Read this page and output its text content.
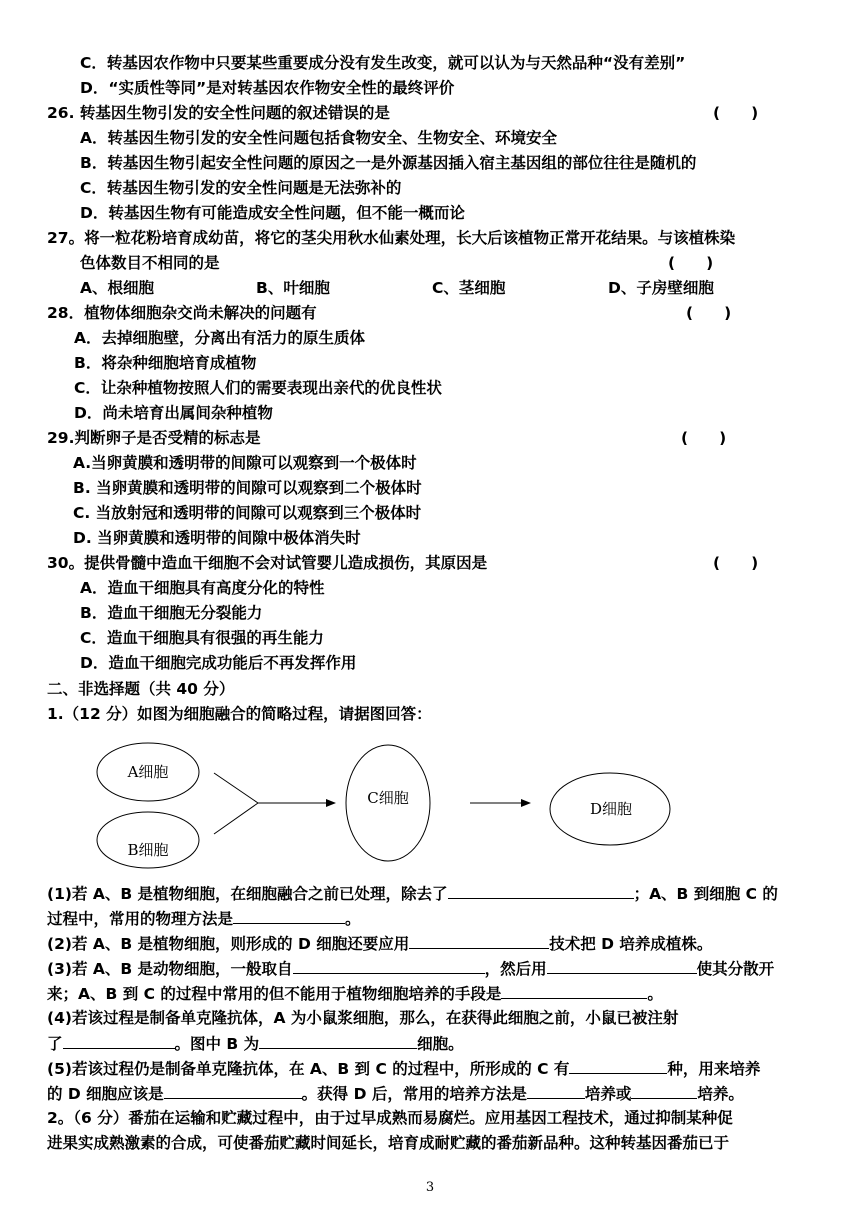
C．转基因农作物中只要某些重要成分没有发生改变，就可以认为与天然品种“没有差别”
D．“实质性等同”是对转基因农作物安全性的最终评价
26. 转基因生物引发的安全性问题的叙述错误的是	(　　)
A．转基因生物引发的安全性问题包括食物安全、生物安全、环境安全
B．转基因生物引起安全性问题的原因之一是外源基因插入宿主基因组的部位往往是随机的
C．转基因生物引发的安全性问题是无法弥补的
D．转基因生物有可能造成安全性问题，但不能一概而论
27。将一粒花粉培育成幼苗，将它的茎尖用秋水仙素处理，长大后该植物正常开花结果。与该植株染
色体数目不相同的是	(　　)
A、根细胞	B、叶细胞	C、茎细胞	D、子房壁细胞
28．植物体细胞杂交尚未解决的问题有	(　　)
A．去掉细胞壁，分离出有活力的原生质体
B．将杂种细胞培育成植物
C．让杂种植物按照人们的需要表现出亲代的优良性状
D．尚未培育出属间杂种植物
29.判断卵子是否受精的标志是	(　　)
A.当卵黄膜和透明带的间隙可以观察到一个极体时
B. 当卵黄膜和透明带的间隙可以观察到二个极体时
C. 当放射冠和透明带的间隙可以观察到三个极体时
D. 当卵黄膜和透明带的间隙中极体消失时
30。提供骨髓中造血干细胞不会对试管婴儿造成损伤，其原因是	(　　)
A．造血干细胞具有高度分化的特性
B．造血干细胞无分裂能力
C．造血干细胞具有很强的再生能力
D．造血干细胞完成功能后不再发挥作用
二、非选择题（共 40 分）
1.（12 分）如图为细胞融合的简略过程，请据图回答：
A细胞
B细胞
C细胞
D细胞
(1)若 A、B 是植物细胞，在细胞融合之前已处理，除去了	；A、B 到细胞 C 的
过程中，常用的物理方法是	。
(2)若 A、B 是植物细胞，则形成的 D 细胞还要应用	技术把 D 培养成植株。
(3)若 A、B 是动物细胞，一般取自	，然后用	使其分散开
来；A、B 到 C 的过程中常用的但不能用于植物细胞培养的手段是	。
(4)若该过程是制备单克隆抗体，A 为小鼠浆细胞，那么，在获得此细胞之前，小鼠已被注射
了	。图中 B 为	细胞。
(5)若该过程仍是制备单克隆抗体，在 A、B 到 C 的过程中，所形成的 C 有	种，用来培养
的 D 细胞应该是	。获得 D 后，常用的培养方法是	培养或	培养。
2。（6 分）番茄在运输和贮藏过程中，由于过早成熟而易腐烂。应用基因工程技术，通过抑制某种促
进果实成熟激素的合成，可使番茄贮藏时间延长，培育成耐贮藏的番茄新品种。这种转基因番茄已于
3
